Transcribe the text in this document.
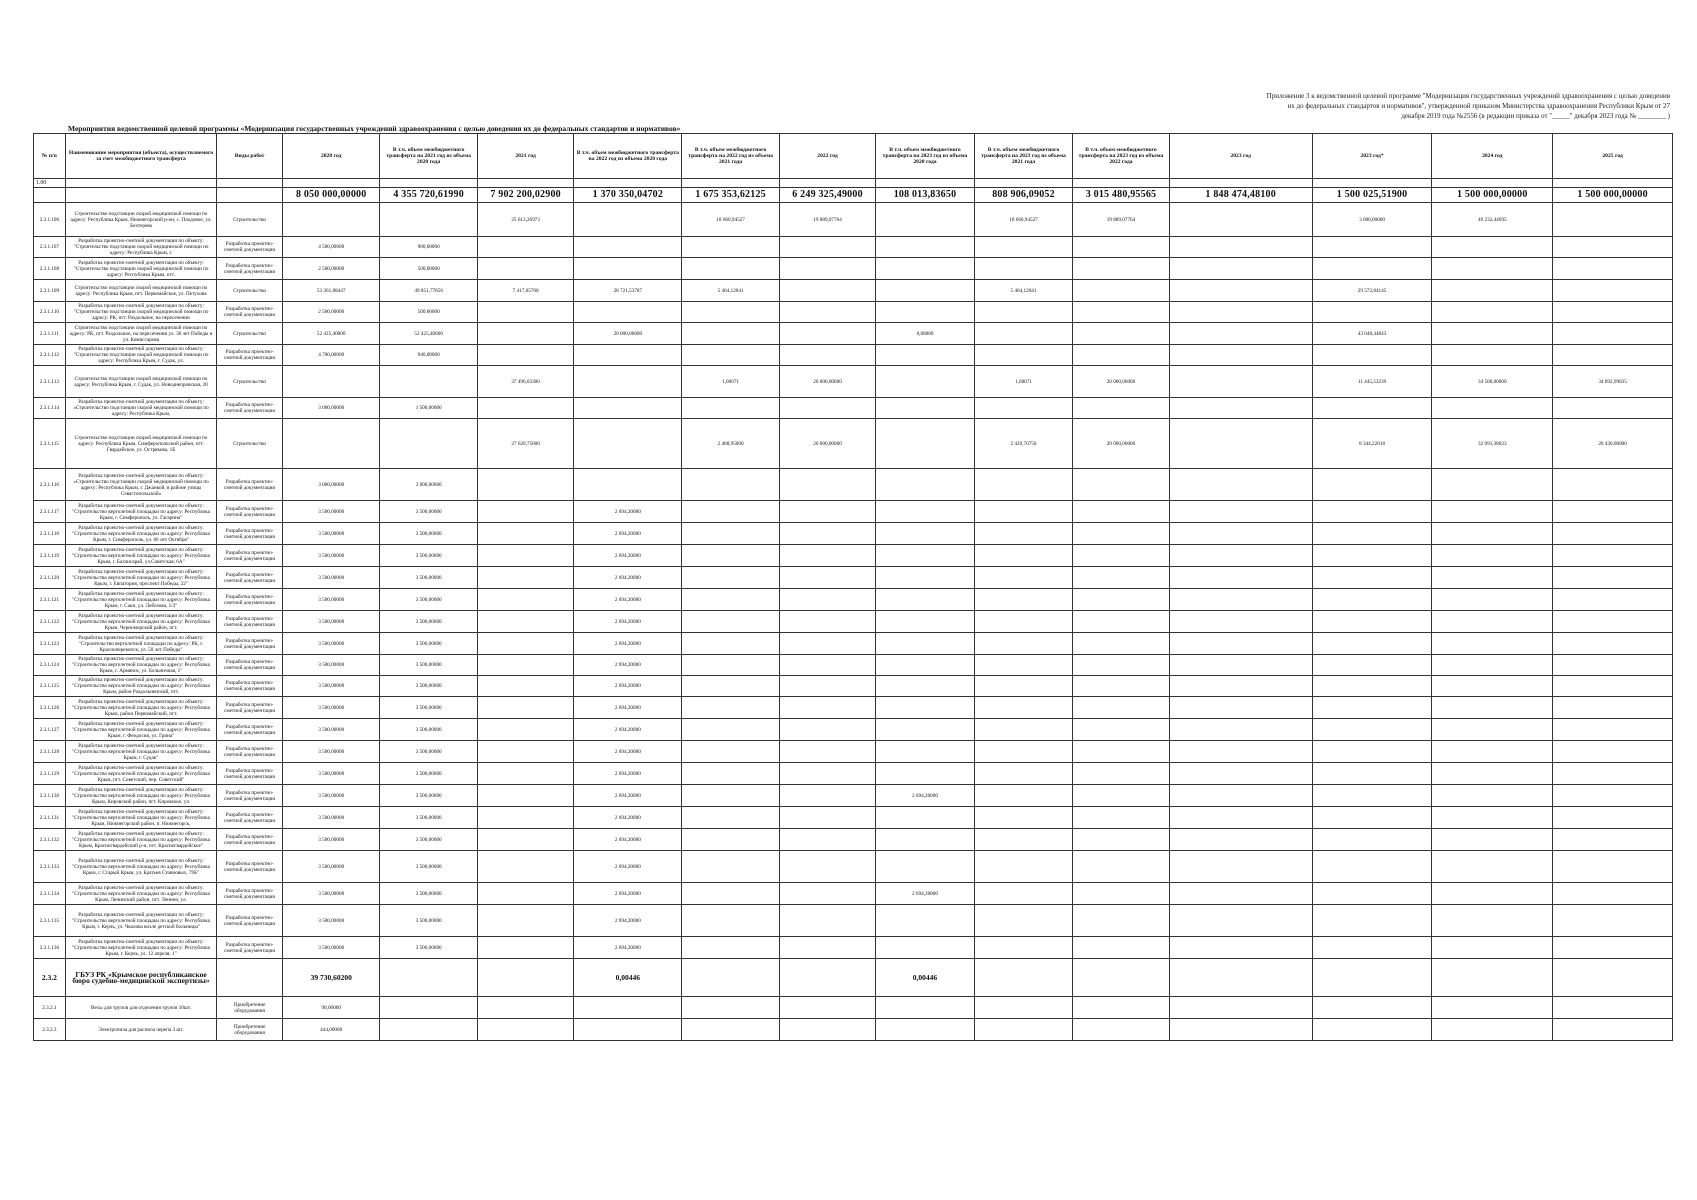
Приложение 3 к ведомственной целевой программе "Модернизация государственных учреждений здравоохранения с целью доведения
их до федеральных стандартов и нормативов", утвержденной приказом Министерства здравоохранения Республики Крым от 27
декабря 2019 года №2556 (в редакции приказа от "_____" декабря 2023 года № ________ )
Мероприятия ведомственной целевой программы «Модернизация государственных учреждений здравоохранения с целью доведения их до федеральных стандартов и нормативов»
№ п/п	Наименование мероприятия (объекта), осуществляемого за счет межбюджетного трансферта	Виды работ	2020 год	В т.ч. объем межбюджетного трансферта на 2021 год из объема 2020 года	2021 год	В т.ч. объем межбюджетного трансферта на 2022 год из объема 2020 года	В т.ч. объем межбюджетного трансферта на 2022 год из объема 2021 года	2022 год	В т.ч. объем межбюджетного трансферта на 2023 год из объема 2020 года	В т.ч. объем межбюджетного трансферта на 2023 год из объема 2021 года	В т.ч. объем межбюджетного трансферта на 2023 год из объема 2022 года	2023 год	2023 год*	2024 год	2025 год
1.00															
			8 050 000,00000	4 355 720,61990	7 902 200,02900	1 370 350,04702	1 675 353,62125	6 249 325,49000	108 013,83650	808 906,09052	3 015 480,95565	1 848 474,48100	1 500 025,51900	1 500 000,00000	1 500 000,00000
2.3.1.106	Строительство подстанции скорой медицинской помощи по адресу: Республика Крым, Нижнегорский р-он, с. Плодовое, ул. Бехтерева	Строительство			25 613,26973		18 660,94527	19 889,07764		18 660,94527	19 889,07764		3 000,00000	49 232,44695	
2.3.1.107	Разработка проектно-сметной документации по объекту: "Строительство подстанции скорой медицинской помощи по адресу: Республика Крым, г.	Разработка проектно-сметной документации	4 500,00000	900,00000											
2.3.1.108	Разработка проектно-сметной документации по объекту: "Строительство подстанции скорой медицинской помощи по адресу: Республика Крым, пгт.	Разработка проектно-сметной документации	2 500,00000	500,00000											
2.3.1.109	Строительство подстанции скорой медицинской помощи по адресу: Республика Крым, пгт. Первомайское, ул. Петухова	Строительство	53 361,88447	49 851,77856	7 417,05700	28 721,53787	5 464,12041			5 464,12041			29 572,84145		
2.3.1.110	Разработка проектно-сметной документации по объекту: "Строительство подстанции скорой медицинской помощи по адресу: РК, пгт. Раздольное, на пересечении	Разработка проектно-сметной документации	2 500,00000	500,00000											
2.3.1.111	Строительство подстанции скорой медицинской помощи по адресу: РК, пгт. Раздольное, на пересечении ул. 30 лет Победы и ул. Комиссарова	Строительство	52 425,40000	52 425,40000		20 000,00000			0,00000				43 048,44843		
2.3.1.112	Разработка проектно-сметной документации по объекту: "Строительство подстанции скорой медицинской помощи по адресу: Республика Крым, г. Судак, ул.	Разработка проектно-сметной документации	4 700,00000	940,00000											
2.3.1.113	Строительство подстанции скорой медицинской помощи по адресу: Республика Крым, г. Судак, ул. Новоднепровская, 20	Строительство			37 496,03300		1,00071	20 000,00000		1,00071	20 000,00000		11 445,53239	34 500,00000	34 092,99835
2.3.1.114	Разработка проектно-сметной документации по объекту: «Строительство подстанции скорой медицинской помощи по адресу: Республика Крым,	Разработка проектно-сметной документации	3 000,00000	1 500,00000											
2.3.1.115	Строительство подстанции скорой медицинской помощи по адресу: Республика Крым, Симферопольский район, пгт. Гвардейское, ул. Острякова, 1Б	Строительство			27 620,75000		2 488,95000	20 000,00000		2 420,70750	20 000,00000		8 344,22818	32 091,38023	20 430,00000
2.3.1.116	Разработка проектно-сметной документации по объекту: «Строительство подстанции скорой медицинской помощи по адресу: Республика Крым, г. Джанкой, в районе улицы Севастопольской»	Разработка проектно-сметной документации	3 000,00000	3 000,00000											
2.3.1.117	Разработка проектно-сметной документации по объекту: "Строительство вертолетной площадки по адресу: Республика Крым, г. Симферополь, ул. Гагарина"	Разработка проектно-сметной документации	3 500,00000	3 500,00000		2 694,20000									
2.3.1.118	Разработка проектно-сметной документации по объекту: "Строительство вертолетной площадки по адресу: Республика Крым, г. Симферополь, ул. 60 лет Октября"	Разработка проектно-сметной документации	3 500,00000	3 500,00000		2 694,20000									
2.3.1.119	Разработка проектно-сметной документации по объекту: "Строительство вертолетной площадки по адресу: Республика Крым, г. Бахчисарай, ул.Советская, 6А"	Разработка проектно-сметной документации	3 500,00000	3 500,00000		2 694,20000									
2.3.1.120	Разработка проектно-сметной документации по объекту: "Строительство вертолетной площадки по адресу: Республика Крым, г. Евпатория, проспект Победы, 22"	Разработка проектно-сметной документации	3 500,00000	3 500,00000		2 694,20000									
2.3.1.121	Разработка проектно-сметной документации по объекту: "Строительство вертолетной площадки по адресу: Республика Крым, г. Саки, ул. Лобозова, 1/3"	Разработка проектно-сметной документации	3 500,00000	3 500,00000		2 694,20000									
2.3.1.122	Разработка проектно-сметной документации по объекту: "Строительство вертолетной площадки по адресу: Республика Крым, Черноморский район, пгт.	Разработка проектно-сметной документации	3 500,00000	3 500,00000		2 694,20000									
2.3.1.123	Разработка проектно-сметной документации по объекту: "Строительство вертолетной площадки по адресу: РК, г. Красноперекопск, ул. 50 лет Победы"	Разработка проектно-сметной документации	3 500,00000	3 500,00000		2 694,20000									
2.3.1.124	Разработка проектно-сметной документации по объекту: "Строительство вертолетной площадки по адресу: Республика Крым, г. Армянск, ул. Больничная, 1"	Разработка проектно-сметной документации	3 500,00000	3 500,00000		2 694,20000									
2.3.1.125	Разработка проектно-сметной документации по объекту: "Строительство вертолетной площадки по адресу: Республика Крым, район Раздольненский, пгт.	Разработка проектно-сметной документации	3 500,00000	3 500,00000		2 694,20000									
2.3.1.126	Разработка проектно-сметной документации по объекту: "Строительство вертолетной площадки по адресу: Республика Крым, район Первомайский, пгт.	Разработка проектно-сметной документации	3 500,00000	3 500,00000		2 694,20000									
2.3.1.127	Разработка проектно-сметной документации по объекту: "Строительство вертолетной площадки по адресу: Республика Крым, г. Феодосия, ул. Грина"	Разработка проектно-сметной документации	3 500,00000	3 500,00000		2 694,20000									
2.3.1.128	Разработка проектно-сметной документации по объекту: "Строительство вертолетной площадки по адресу: Республика Крым, г. Судак"	Разработка проектно-сметной документации	3 500,00000	3 500,00000		2 694,20000									
2.3.1.129	Разработка проектно-сметной документации по объекту: "Строительство вертолетной площадки по адресу: Республика Крым, пгт. Советский, пер. Советский"	Разработка проектно-сметной документации	3 500,00000	3 500,00000		2 694,20000									
2.3.1.130	Разработка проектно-сметной документации по объекту: "Строительство вертолетной площадки по адресу: Республика Крым, Кировский район, пгт. Кировское, ул.	Разработка проектно-сметной документации	3 500,00000	3 500,00000		2 694,20000			2 694,20000						
2.3.1.131	Разработка проектно-сметной документации по объекту: "Строительство вертолетной площадки по адресу: Республика Крым, Нижнегорский район, п. Нижнегорск,	Разработка проектно-сметной документации	3 500,00000	3 500,00000		2 694,20000									
2.3.1.132	Разработка проектно-сметной документации по объекту: "Строительство вертолетной площадки по адресу: Республика Крым, Красногвардейский р-н, пгт. Красногвардейское"	Разработка проектно-сметной документации	3 500,00000	3 500,00000		2 694,20000									
2.3.1.133	Разработка проектно-сметной документации по объекту: "Строительство вертолетной площадки по адресу: Республика Крым, г. Старый Крым, ул. Братьев Стояновых, 79Б"	Разработка проектно-сметной документации	3 500,00000	3 500,00000		2 694,20000									
2.3.1.134	Разработка проектно-сметной документации по объекту: "Строительство вертолетной площадки по адресу: Республика Крым, Ленинский район, пгт. Ленино, ул.	Разработка проектно-сметной документации	3 500,00000	3 500,00000		2 694,20000			2 694,20000						
2.3.1.135	Разработка проектно-сметной документации по объекту: "Строительство вертолетной площадки по адресу: Республика Крым, г. Керчь, ул. Чкалова возле детской больницы"	Разработка проектно-сметной документации	3 500,00000	3 500,00000		2 694,20000									
2.3.1.136	Разработка проектно-сметной документации по объекту: "Строительство вертолетной площадки по адресу: Республика Крым, г. Керчь, ул. 12 апреля, 1"	Разработка проектно-сметной документации	3 500,00000	3 500,00000		2 694,20000									
2.3.2	ГБУЗ РК «Крымское республиканское бюро судебно-медицинской экспертизы»		39 730,60200			0,00446			0,00446						
2.3.2.1	Весы для трупов для отделения трупов 10шт.	Приобретение оборудования	90,00000												
2.3.2.3	Электропила для распила черепа 3 шт.	Приобретение оборудования	444,00000												
